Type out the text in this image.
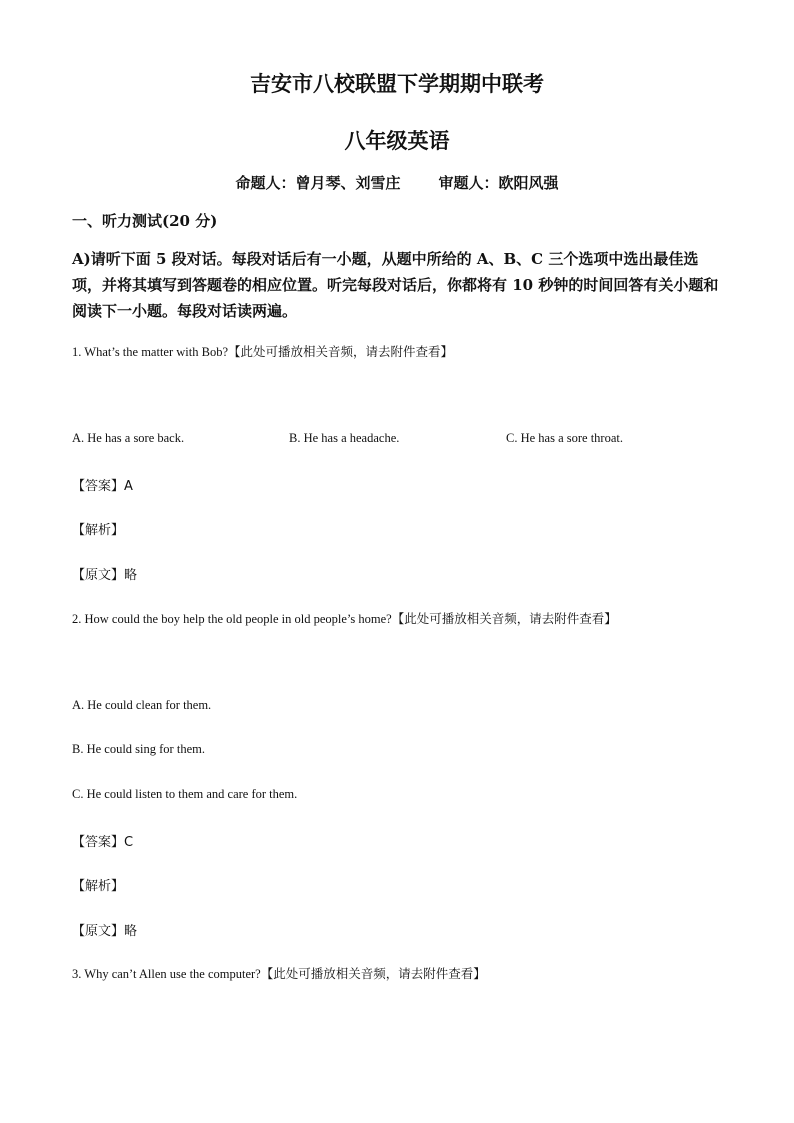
吉安市八校联盟下学期期中联考
八年级英语
命题人：曾月琴、刘雪庄	审题人：欧阳风强
一、听力测试(20 分)
A)请听下面 5 段对话。每段对话后有一小题，从题中所给的 A、B、C 三个选项中选出最佳选项，并将其填写到答题卷的相应位置。听完每段对话后，你都将有 10 秒钟的时间回答有关小题和阅读下一小题。每段对话读两遍。
1. What’s the matter with Bob?【此处可播放相关音频，请去附件查看】
A. He has a sore back.	B. He has a headache.	C. He has a sore throat.
【答案】A
【解析】
【原文】略
2. How could the boy help the old people in old people’s home?【此处可播放相关音频，请去附件查看】
A. He could clean for them.
B. He could sing for them.
C. He could listen to them and care for them.
【答案】C
【解析】
【原文】略
3. Why can’t Allen use the computer?【此处可播放相关音频，请去附件查看】
